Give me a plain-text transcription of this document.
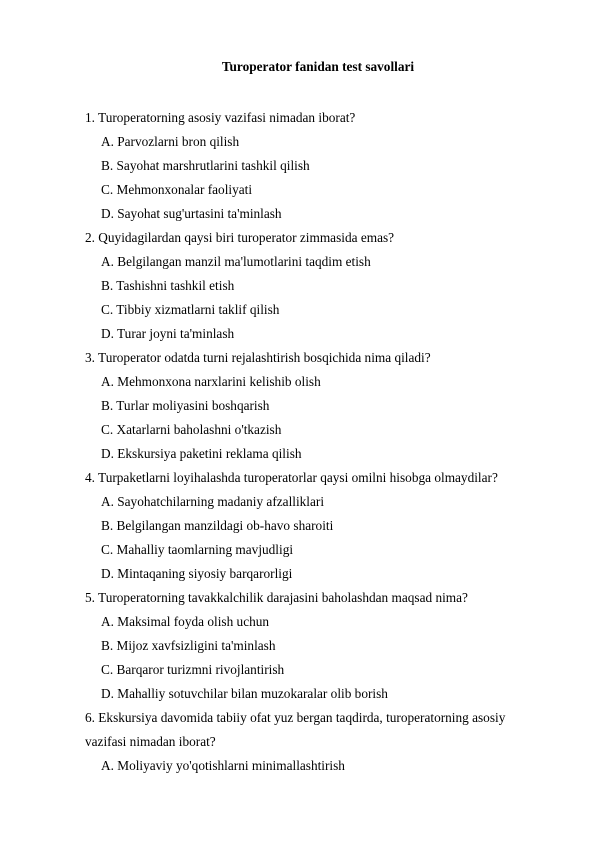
Turoperator fanidan test savollari
1. Turoperatorning asosiy vazifasi nimadan iborat?
A. Parvozlarni bron qilish
B. Sayohat marshrutlarini tashkil qilish
C. Mehmonxonalar faoliyati
D. Sayohat sug'urtasini ta'minlash
2. Quyidagilardan qaysi biri turoperator zimmasida emas?
A. Belgilangan manzil ma'lumotlarini taqdim etish
B. Tashishni tashkil etish
C. Tibbiy xizmatlarni taklif qilish
D. Turar joyni ta'minlash
3. Turoperator odatda turni rejalashtirish bosqichida nima qiladi?
A. Mehmonxona narxlarini kelishib olish
B. Turlar moliyasini boshqarish
C. Xatarlarni baholashni o'tkazish
D. Ekskursiya paketini reklama qilish
4. Turpaketlarni loyihalashda turoperatorlar qaysi omilni hisobga olmaydilar?
A. Sayohatchilarning madaniy afzalliklari
B. Belgilangan manzildagi ob-havo sharoiti
C. Mahalliy taomlarning mavjudligi
D. Mintaqaning siyosiy barqarorligi
5. Turoperatorning tavakkalchilik darajasini baholashdan maqsad nima?
A. Maksimal foyda olish uchun
B. Mijoz xavfsizligini ta'minlash
C. Barqaror turizmni rivojlantirish
D. Mahalliy sotuvchilar bilan muzokaralar olib borish
6. Ekskursiya davomida tabiiy ofat yuz bergan taqdirda, turoperatorning asosiy vazifasi nimadan iborat?
A. Moliyaviy yo'qotishlarni minimallashtirish
